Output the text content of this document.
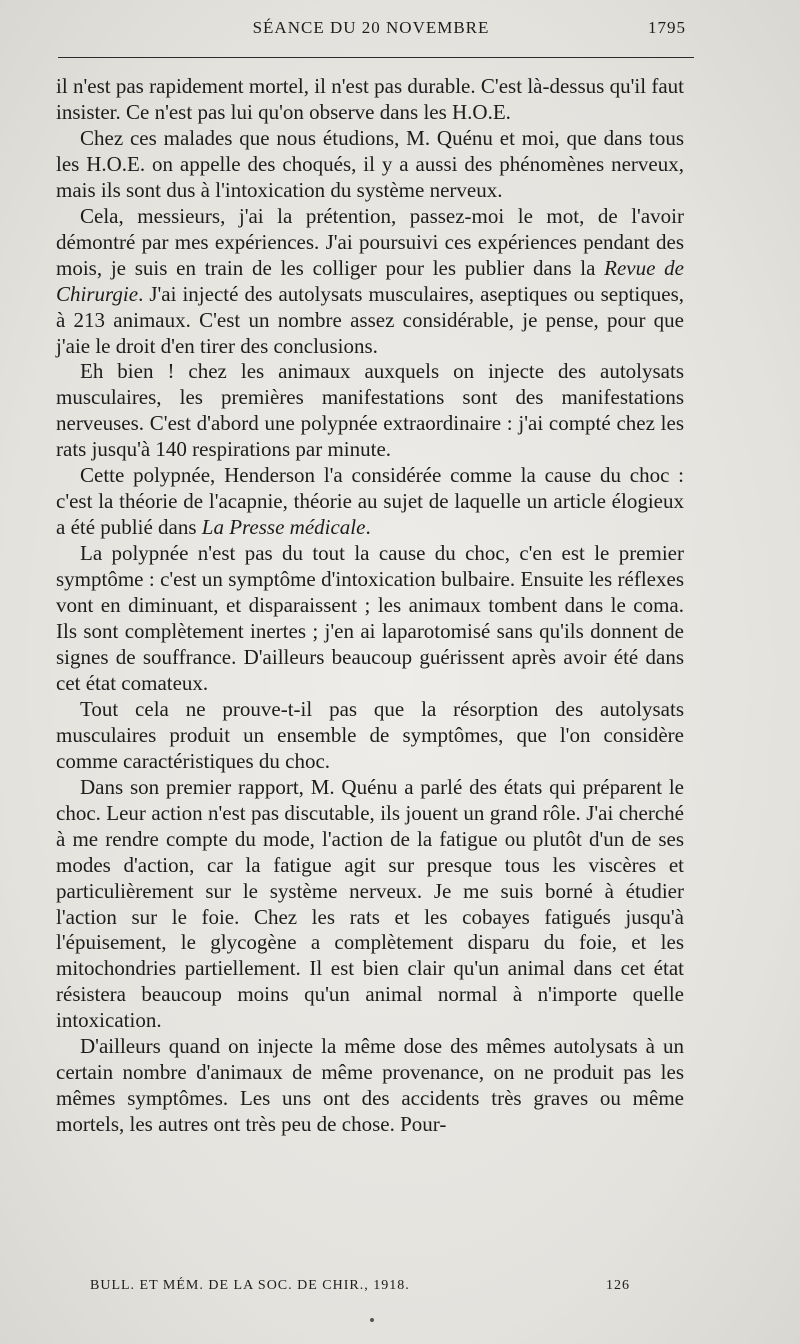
SÉANCE DU 20 NOVEMBRE	1795

il n'est pas rapidement mortel, il n'est pas durable. C'est là-dessus qu'il faut insister. Ce n'est pas lui qu'on observe dans les H.O.E.

Chez ces malades que nous étudions, M. Quénu et moi, que dans tous les H.O.E. on appelle des choqués, il y a aussi des phénomènes nerveux, mais ils sont dus à l'intoxication du système nerveux.

Cela, messieurs, j'ai la prétention, passez-moi le mot, de l'avoir démontré par mes expériences. J'ai poursuivi ces expériences pendant des mois, je suis en train de les colliger pour les publier dans la Revue de Chirurgie. J'ai injecté des autolysats musculaires, aseptiques ou septiques, à 213 animaux. C'est un nombre assez considérable, je pense, pour que j'aie le droit d'en tirer des conclusions.

Eh bien ! chez les animaux auxquels on injecte des autolysats musculaires, les premières manifestations sont des manifestations nerveuses. C'est d'abord une polypnée extraordinaire : j'ai compté chez les rats jusqu'à 140 respirations par minute.

Cette polypnée, Henderson l'a considérée comme la cause du choc : c'est la théorie de l'acapnie, théorie au sujet de laquelle un article élogieux a été publié dans La Presse médicale.

La polypnée n'est pas du tout la cause du choc, c'en est le premier symptôme : c'est un symptôme d'intoxication bulbaire. Ensuite les réflexes vont en diminuant, et disparaissent ; les animaux tombent dans le coma. Ils sont complètement inertes ; j'en ai laparotomisé sans qu'ils donnent de signes de souffrance. D'ailleurs beaucoup guérissent après avoir été dans cet état comateux.

Tout cela ne prouve-t-il pas que la résorption des autolysats musculaires produit un ensemble de symptômes, que l'on considère comme caractéristiques du choc.

Dans son premier rapport, M. Quénu a parlé des états qui préparent le choc. Leur action n'est pas discutable, ils jouent un grand rôle. J'ai cherché à me rendre compte du mode, l'action de la fatigue ou plutôt d'un de ses modes d'action, car la fatigue agit sur presque tous les viscères et particulièrement sur le système nerveux. Je me suis borné à étudier l'action sur le foie. Chez les rats et les cobayes fatigués jusqu'à l'épuisement, le glycogène a complètement disparu du foie, et les mitochondries partiellement. Il est bien clair qu'un animal dans cet état résistera beaucoup moins qu'un animal normal à n'importe quelle intoxication.

D'ailleurs quand on injecte la même dose des mêmes autolysats à un certain nombre d'animaux de même provenance, on ne produit pas les mêmes symptômes. Les uns ont des accidents très graves ou même mortels, les autres ont très peu de chose. Pour-

BULL. ET MÉM. DE LA SOC. DE CHIR., 1918.	126
